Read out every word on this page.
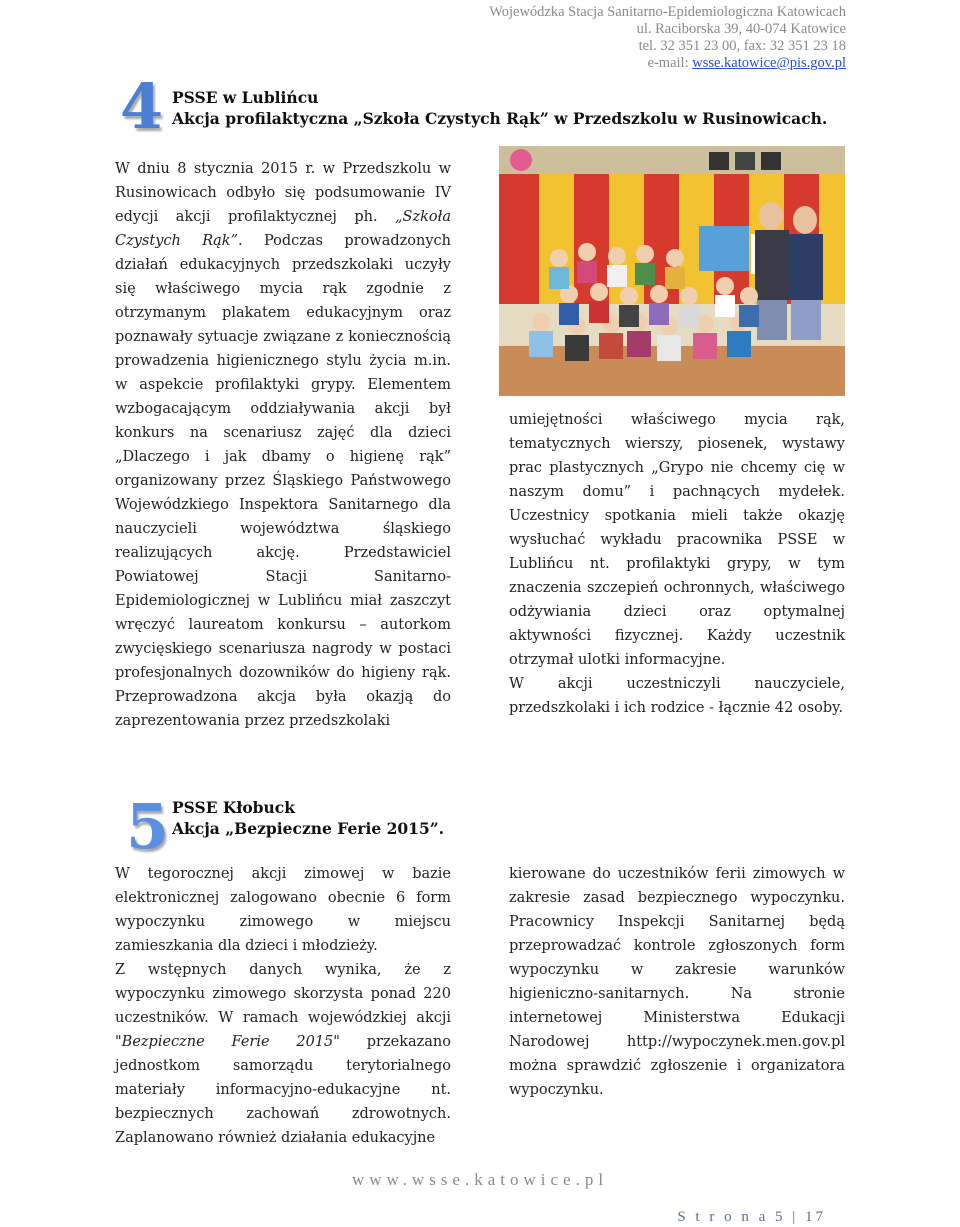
Wojewódzka Stacja Sanitarno-Epidemiologiczna Katowicach
ul. Raciborska 39, 40-074 Katowice
tel. 32 351 23 00, fax: 32 351 23 18
e-mail: wsse.katowice@pis.gov.pl
4 PSSE w Lublińcu
Akcja profilaktyczna „Szkoła Czystych Rąk” w Przedszkolu w Rusinowicach.

W dniu 8 stycznia 2015 r. w Przedszkolu w Rusinowicach odbyło się podsumowanie IV edycji akcji profilaktycznej ph. „Szkoła Czystych Rąk”. Podczas prowadzonych działań edukacyjnych przedszkolaki uczyły się właściwego mycia rąk zgodnie z otrzymanym plakatem edukacyjnym oraz poznawały sytuacje związane z koniecznością prowadzenia higienicznego stylu życia m.in. w aspekcie profilaktyki grypy. Elementem wzbogacającym oddziaływania akcji był konkurs na scenariusz zajęć dla dzieci „Dlaczego i jak dbamy o higienę rąk” organizowany przez Śląskiego Państwowego Wojewódzkiego Inspektora Sanitarnego dla nauczycieli województwa śląskiego realizujących akcję. Przedstawiciel Powiatowej Stacji Sanitarno-Epidemiologicznej w Lublińcu miał zaszczyt wręczyć laureatom konkursu – autorkom zwycięskiego scenariusza nagrody w postaci profesjonalnych dozowników do higieny rąk. Przeprowadzona akcja była okazją do zaprezentowania przez przedszkolaki

umiejętności właściwego mycia rąk, tematycznych wierszy, piosenek, wystawy prac plastycznych „Grypo nie chcemy cię w naszym domu” i pachnących mydełek. Uczestnicy spotkania mieli także okazję wysłuchać wykładu pracownika PSSE w Lublińcu nt. profilaktyki grypy, w tym znaczenia szczepień ochronnych, właściwego odżywiania dzieci oraz optymalnej aktywności fizycznej. Każdy uczestnik otrzymał ulotki informacyjne.

W akcji uczestniczyli nauczyciele, przedszkolaki i ich rodzice - łącznie 42 osoby.

5 PSSE Kłobuck
Akcja „Bezpieczne Ferie 2015”.

W tegorocznej akcji zimowej w bazie elektronicznej zalogowano obecnie 6 form wypoczynku zimowego w miejscu zamieszkania dla dzieci i młodzieży.

Z wstępnych danych wynika, że z wypoczynku zimowego skorzysta ponad 220 uczestników. W ramach wojewódzkiej akcji "Bezpieczne Ferie 2015" przekazano jednostkom samorządu terytorialnego materiały informacyjno-edukacyjne nt. bezpiecznych zachowań zdrowotnych. Zaplanowano również działania edukacyjne

kierowane do uczestników ferii zimowych w zakresie zasad bezpiecznego wypoczynku. Pracownicy Inspekcji Sanitarnej będą przeprowadzać kontrole zgłoszonych form wypoczynku w zakresie warunków higieniczno-sanitarnych. Na stronie internetowej Ministerstwa Edukacji Narodowej http://wypoczynek.men.gov.pl można sprawdzić zgłoszenie i organizatora wypoczynku.

www.wsse.katowice.pl
S t r o n a 5 | 17
